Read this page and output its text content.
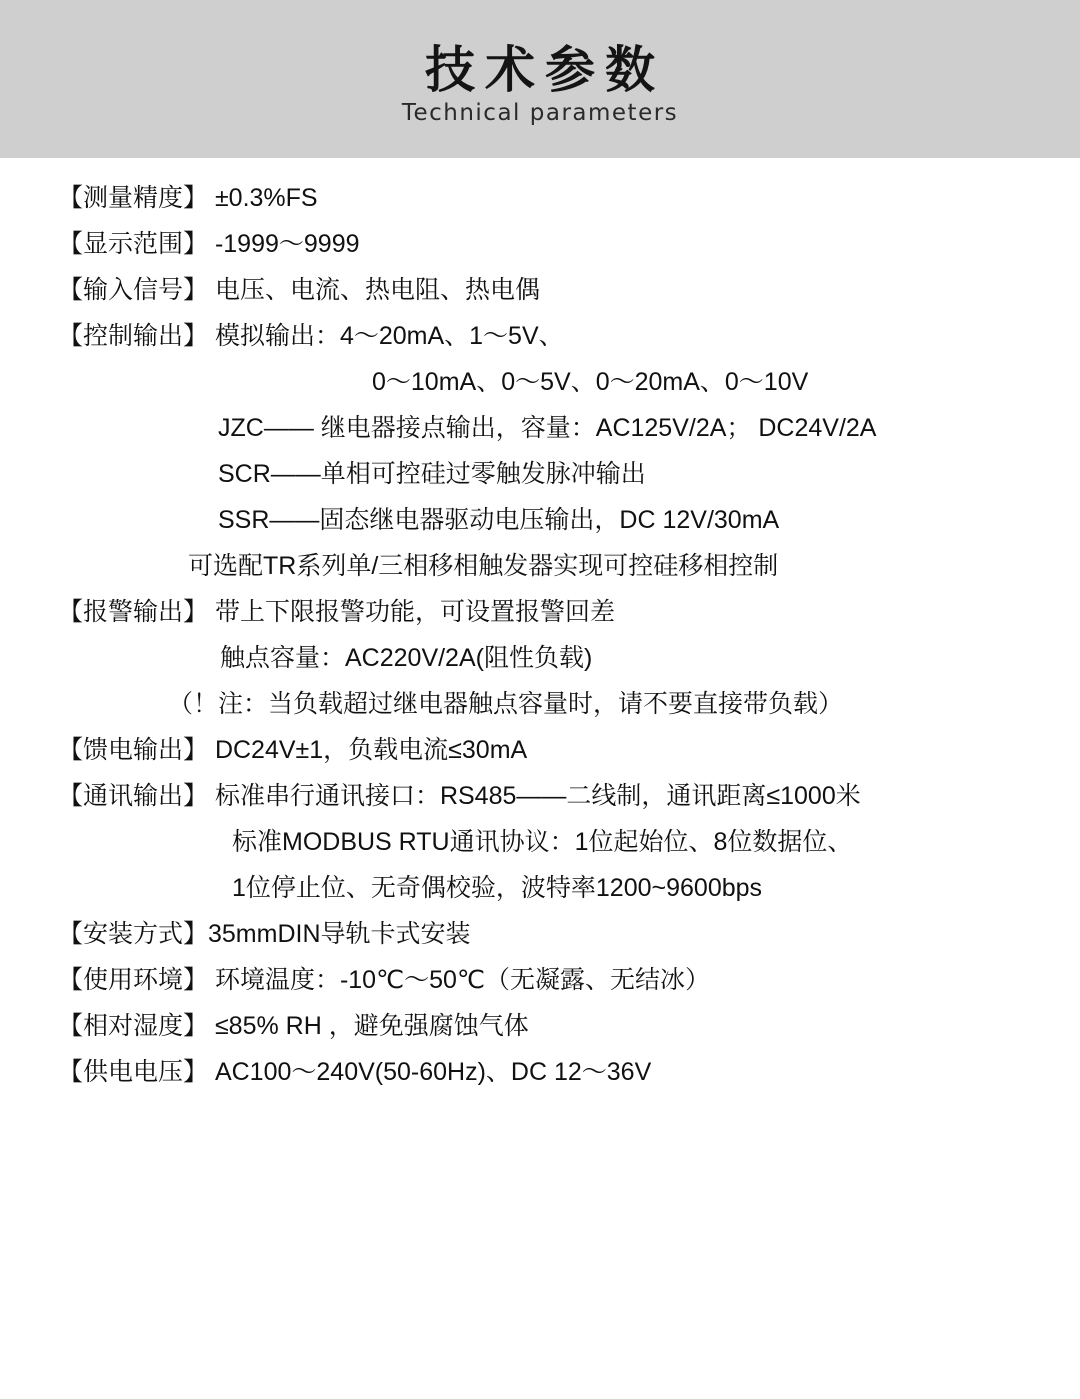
技术参数
Technical parameters
【测量精度】 ±0.3%FS
【显示范围】 -1999～9999
【输入信号】 电压、电流、热电阻、热电偶
【控制输出】 模拟输出：4～20mA、1～5V、
0～10mA、0～5V、0～20mA、0～10V
JZC—— 继电器接点输出，容量：AC125V/2A； DC24V/2A
SCR——单相可控硅过零触发脉冲输出
SSR——固态继电器驱动电压输出，DC 12V/30mA
可选配TR系列单/三相移相触发器实现可控硅移相控制
【报警输出】 带上下限报警功能，可设置报警回差
触点容量：AC220V/2A(阻性负载)
（！注：当负载超过继电器触点容量时，请不要直接带负载）
【馈电输出】 DC24V±1，负载电流≤30mA
【通讯输出】 标准串行通讯接口：RS485——二线制，通讯距离≤1000米
标准MODBUS RTU通讯协议：1位起始位、8位数据位、
1位停止位、无奇偶校验，波特率1200~9600bps
【安装方式】35mmDIN导轨卡式安装
【使用环境】 环境温度：-10℃～50℃（无凝露、无结冰）
【相对湿度】 ≤85% RH ，避免强腐蚀气体
【供电电压】 AC100～240V(50-60Hz)、DC 12～36V
